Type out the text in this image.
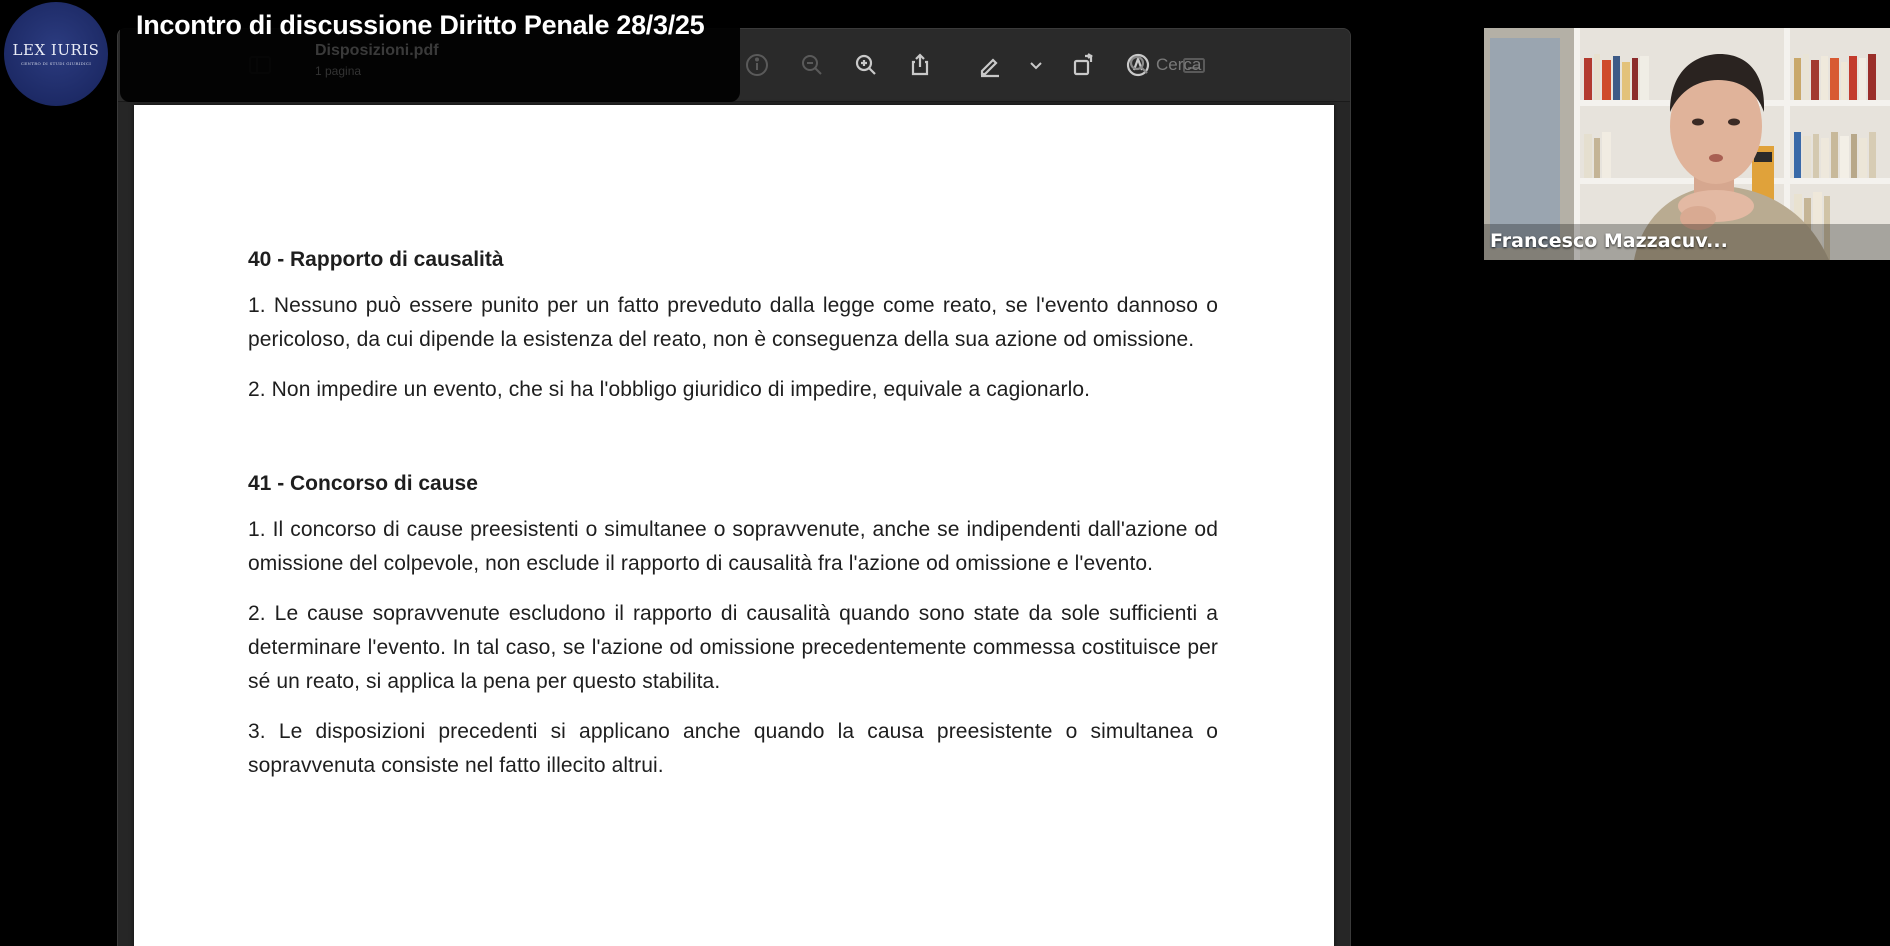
LEX IURIS
CENTRO DI STUDI GIURIDICI
Incontro di discussione Diritto Penale 28/3/25
Disposizioni.pdf
1 pagina	Cerca
40 - Rapporto di causalità

1. Nessuno può essere punito per un fatto preveduto dalla legge come reato, se l'evento dannoso o pericoloso, da cui dipende la esistenza del reato, non è conseguenza della sua azione od omissione.

2. Non impedire un evento, che si ha l'obbligo giuridico di impedire, equivale a cagionarlo.

41 - Concorso di cause

1. Il concorso di cause preesistenti o simultanee o sopravvenute, anche se indipendenti dall'azione od omissione del colpevole, non esclude il rapporto di causalità fra l'azione od omissione e l'evento.

2. Le cause sopravvenute escludono il rapporto di causalità quando sono state da sole sufficienti a determinare l'evento. In tal caso, se l'azione od omissione precedentemente commessa costituisce per sé un reato, si applica la pena per questo stabilita.

3. Le disposizioni precedenti si applicano anche quando la causa preesistente o simultanea o sopravvenuta consiste nel fatto illecito altrui.

Francesco Mazzacuv...
